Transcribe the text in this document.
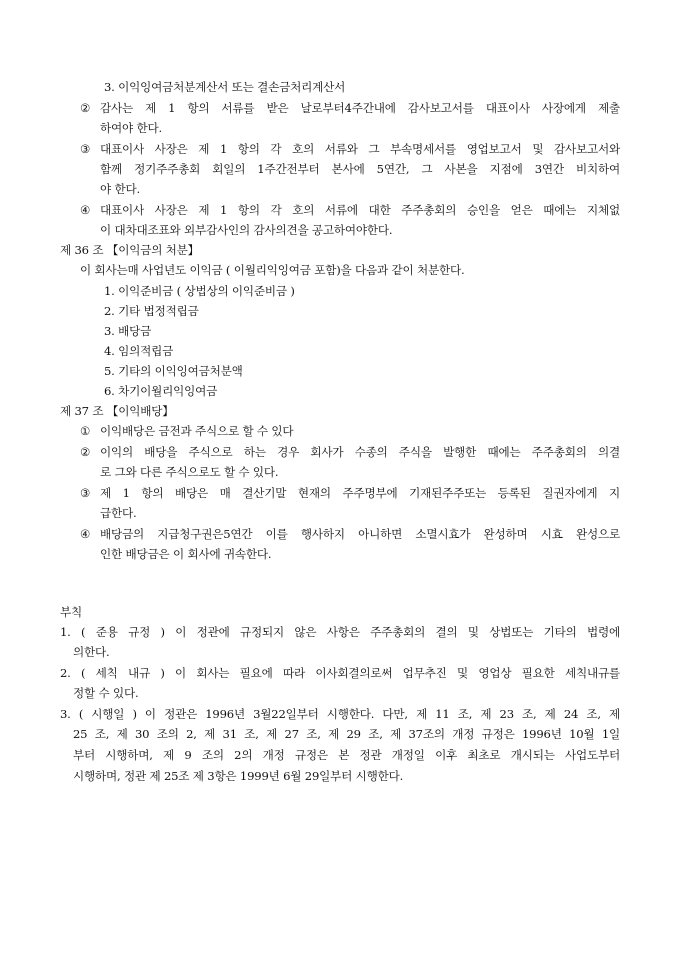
3. 이익잉여금처분계산서 또는 결손금처리계산서
② 감사는 제 1 항의 서류를 받은 날로부터4주간내에 감사보고서를 대표이사 사장에게 제출
하여야 한다.
③ 대표이사 사장은 제 1 항의 각 호의 서류와 그 부속명세서를 영업보고서 및 감사보고서와
함께 정기주주총회 회일의 1주간전부터 본사에 5연간, 그 사본을 지점에 3연간 비치하여
야 한다.
④ 대표이사 사장은 제 1 항의 각 호의 서류에 대한 주주총회의 승인을 얻은 때에는 지체없
이 대차대조표와 외부감사인의 감사의견을 공고하여야한다.
제 36 조 【이익금의 처분】
이 회사는매 사업년도 이익금 ( 이월리익잉여금 포함)을 다음과 같이 처분한다.
1. 이익준비금 ( 상법상의 이익준비금 )
2. 기타 법정적립금
3. 배당금
4. 임의적립금
5. 기타의 이익잉여금처분액
6. 차기이월리익잉여금
제 37 조 【이익배당】
① 이익배당은 금전과 주식으로 할 수 있다
② 이익의 배당을 주식으로 하는 경우 회사가 수종의 주식을 발행한 때에는 주주총회의 의결
로 그와 다른 주식으로도 할 수 있다.
③ 제 1 항의 배당은 매 결산기말 현재의 주주명부에 기재된주주또는 등록된 질권자에게 지
급한다.
④ 배당금의 지급청구권은5연간 이를 행사하지 아니하면 소멸시효가 완성하며 시효 완성으로
인한 배당금은 이 회사에 귀속한다.
부칙
1. ( 준용 규정 ) 이 정관에 규정되지 않은 사항은 주주총회의 결의 및 상법또는 기타의 법령에
의한다.
2. ( 세칙 내규 ) 이 회사는 필요에 따라 이사회결의로써 업무추진 및 영업상 필요한 세칙내규를
정할 수 있다.
3. ( 시행일 ) 이 정관은 1996년 3월22일부터 시행한다. 다만, 제 11 조, 제 23 조, 제 24 조, 제
25 조, 제 30 조의 2, 제 31 조, 제 27 조, 제 29 조, 제 37조의 개정 규정은 1996년 10월 1일
부터 시행하며, 제 9 조의 2의 개정 규정은 본 정관 개정일 이후 최초로 개시되는 사업도부터
시행하며, 정관 제 25조 제 3항은 1999년 6월 29일부터 시행한다.
